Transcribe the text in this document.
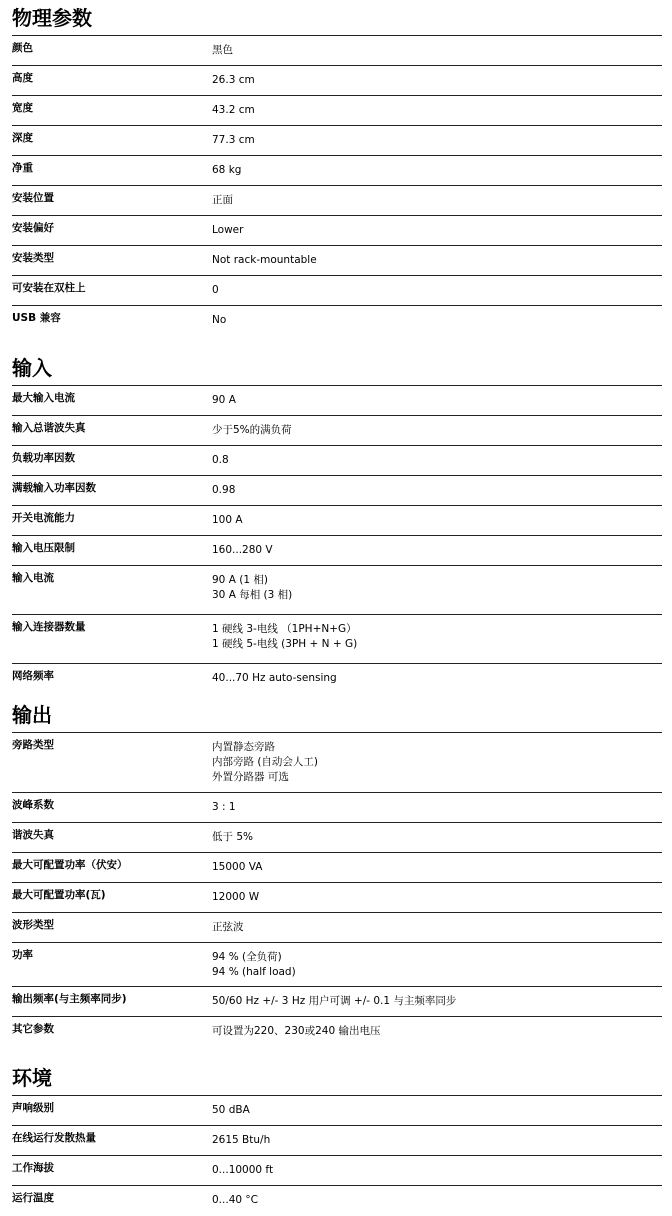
物理参数
颜色	黑色
高度	26.3 cm
宽度	43.2 cm
深度	77.3 cm
净重	68 kg
安装位置	正面
安装偏好	Lower
安装类型	Not rack-mountable
可安装在双柱上	0
USB 兼容	No
输入
最大输入电流	90 A
输入总谐波失真	少于5%的满负荷
负载功率因数	0.8
满载输入功率因数	0.98
开关电流能力	100 A
输入电压限制	160...280 V
输入电流	90 A (1 相)
30 A 每相 (3 相)
输入连接器数量	1 硬线 3-电线 （1PH+N+G）
1 硬线 5-电线 (3PH + N + G)
网络频率	40...70 Hz auto-sensing
输出
旁路类型	内置静态旁路
内部旁路 (自动会人工)
外置分路器 可选
波峰系数	3 : 1
谐波失真	低于 5%
最大可配置功率（伏安）	15000 VA
最大可配置功率(瓦)	12000 W
波形类型	正弦波
功率	94 % (全负荷)
94 % (half load)
输出频率(与主频率同步)	50/60 Hz +/- 3 Hz 用户可调 +/- 0.1 与主频率同步
其它参数	可设置为220、230或240 输出电压
环境
声响级别	50 dBA
在线运行发散热量	2615 Btu/h
工作海拔	0...10000 ft
运行温度	0...40 °C
